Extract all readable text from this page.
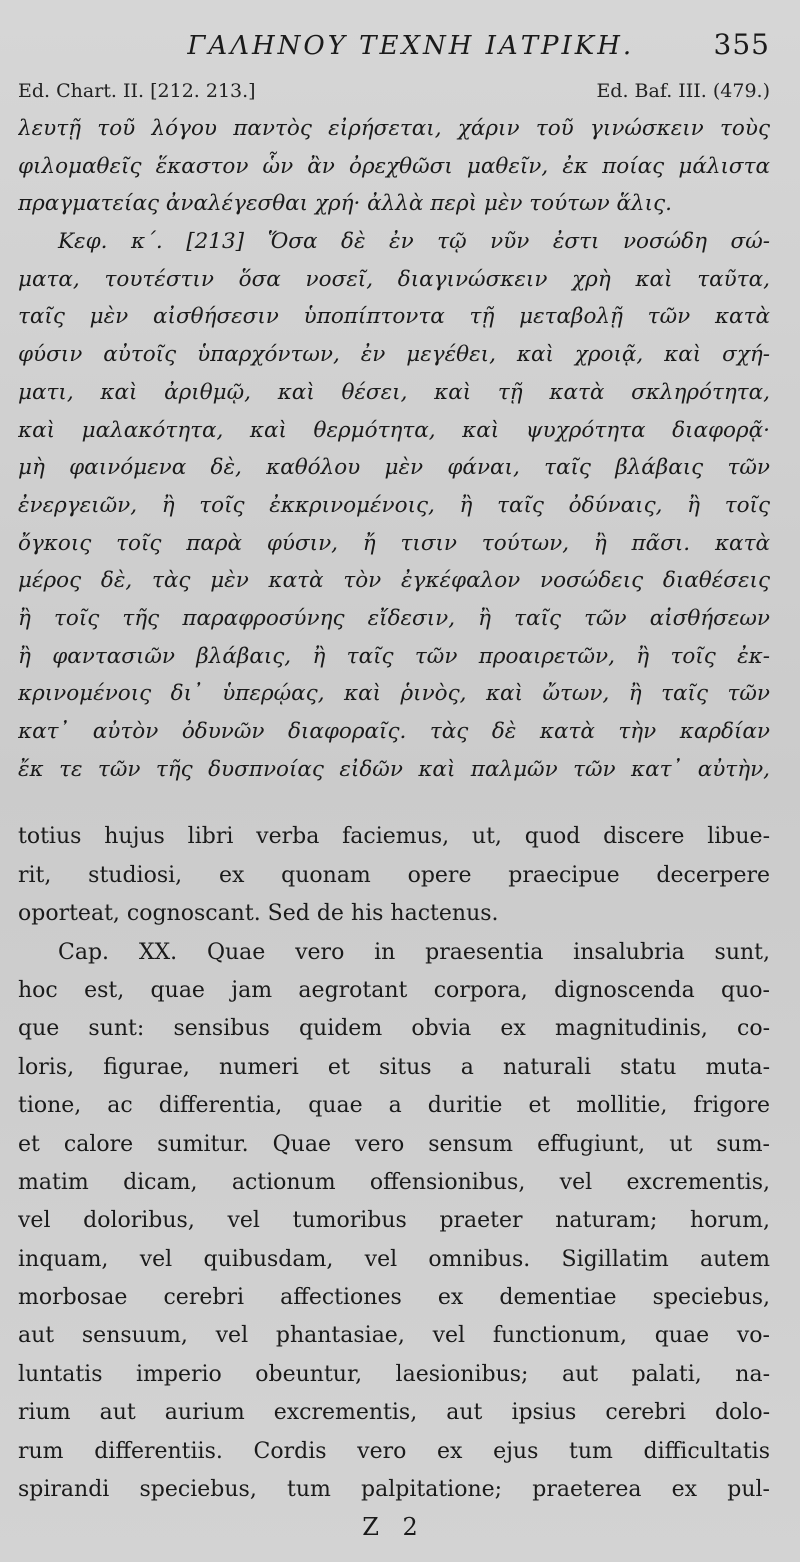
ΓΑΛΗΝΟΥ ΤΕΧΝΗ ΙΑΤΡΙΚΗ.	355
Ed. Chart. II. [212. 213.]	Ed. Baf. III. (479.)
λευτῇ τοῦ λόγου παντὸς εἰρήσεται, χάριν τοῦ γινώσκειν τοὺς
φιλομαθεῖς ἕκαστον ὧν ἂν ὀρεχθῶσι μαθεῖν, ἐκ ποίας μάλιστα
πραγματείας ἀναλέγεσθαι χρή· ἀλλὰ περὶ μὲν τούτων ἅλις.
Κεφ. κ΄. [213] Ὅσα δὲ ἐν τῷ νῦν ἐστι νοσώδη σώ-
ματα, τουτέστιν ὅσα νοσεῖ, διαγινώσκειν χρὴ καὶ ταῦτα,
ταῖς μὲν αἰσθήσεσιν ὑποπίπτοντα τῇ μεταβολῇ τῶν κατὰ
φύσιν αὐτοῖς ὑπαρχόντων, ἐν μεγέθει, καὶ χροιᾷ, καὶ σχή-
ματι, καὶ ἀριθμῷ, καὶ θέσει, καὶ τῇ κατὰ σκληρότητα,
καὶ μαλακότητα, καὶ θερμότητα, καὶ ψυχρότητα διαφορᾷ·
μὴ φαινόμενα δὲ, καθόλου μὲν φάναι, ταῖς βλάβαις τῶν
ἐνεργειῶν, ἢ τοῖς ἐκκρινομένοις, ἢ ταῖς ὀδύναις, ἢ τοῖς
ὄγκοις τοῖς παρὰ φύσιν, ἤ τισιν τούτων, ἢ πᾶσι. κατὰ
μέρος δὲ, τὰς μὲν κατὰ τὸν ἐγκέφαλον νοσώδεις διαθέσεις
ἢ τοῖς τῆς παραφροσύνης εἴδεσιν, ἢ ταῖς τῶν αἰσθήσεων
ἢ φαντασιῶν βλάβαις, ἢ ταῖς τῶν προαιρετῶν, ἢ τοῖς ἐκ-
κρινομένοις δι᾽ ὑπερῴας, καὶ ῥινὸς, καὶ ὤτων, ἢ ταῖς τῶν
κατ᾽ αὐτὸν ὀδυνῶν διαφοραῖς. τὰς δὲ κατὰ τὴν καρδίαν
ἔκ τε τῶν τῆς δυσπνοίας εἰδῶν καὶ παλμῶν τῶν κατ᾽ αὐτὴν,
totius hujus libri verba faciemus, ut, quod discere libue-
rit, studiosi, ex quonam opere praecipue decerpere
oporteat, cognoscant. Sed de his hactenus.
Cap. XX. Quae vero in praesentia insalubria sunt,
hoc est, quae jam aegrotant corpora, dignoscenda quo-
que sunt: sensibus quidem obvia ex magnitudinis, co-
loris, figurae, numeri et situs a naturali statu muta-
tione, ac differentia, quae a duritie et mollitie, frigore
et calore sumitur. Quae vero sensum effugiunt, ut sum-
matim dicam, actionum offensionibus, vel excrementis,
vel doloribus, vel tumoribus praeter naturam; horum,
inquam, vel quibusdam, vel omnibus. Sigillatim autem
morbosae cerebri affectiones ex dementiae speciebus,
aut sensuum, vel phantasiae, vel functionum, quae vo-
luntatis imperio obeuntur, laesionibus; aut palati, na-
rium aut aurium excrementis, aut ipsius cerebri dolo-
rum differentiis. Cordis vero ex ejus tum difficultatis
spirandi speciebus, tum palpitatione; praeterea ex pul-
Z 2
